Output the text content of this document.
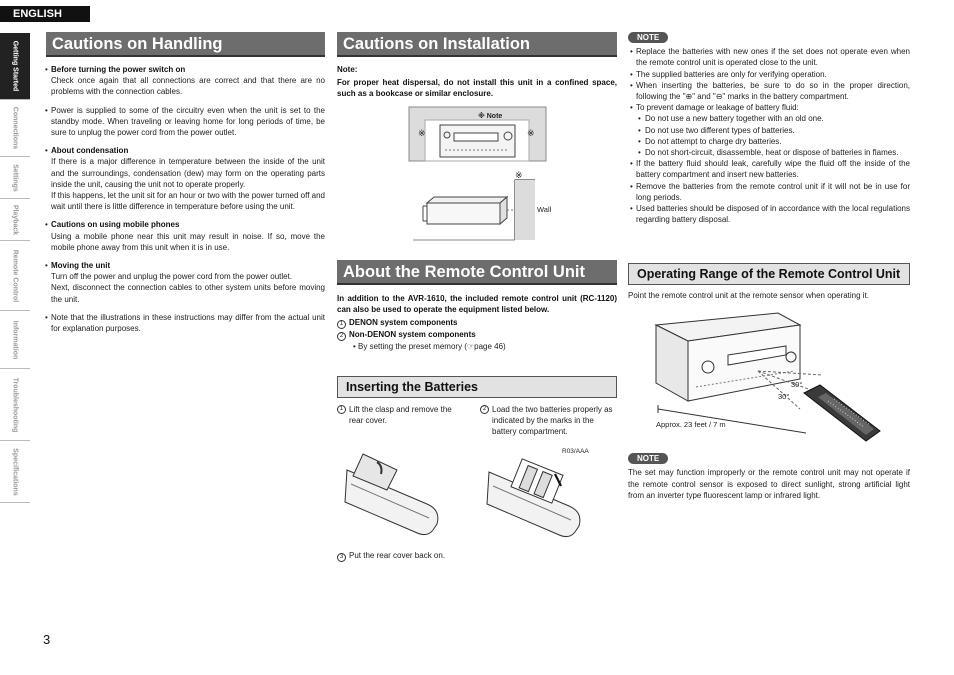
ENGLISH
Getting Started
Connections
Settings
Playback
Remote Control
Information
Troubleshooting
Specifications
3
Cautions on Handling
• Before turning the power switch on

Check once again that all connections are correct and that there are no problems with the connection cables.

• Power is supplied to some of the circuitry even when the unit is set to the standby mode. When traveling or leaving home for long periods of time, be sure to unplug the power cord from the power outlet.

• About condensation

If there is a major difference in temperature between the inside of the unit and the surroundings, condensation (dew) may form on the operating parts inside the unit, causing the unit not to operate properly.

If this happens, let the unit sit for an hour or two with the power turned off and wait until there is little difference in temperature before using the unit.

• Cautions on using mobile phones

Using a mobile phone near this unit may result in noise. If so, move the mobile phone away from this unit when it is in use.

• Moving the unit

Turn off the power and unplug the power cord from the power outlet.

Next, disconnect the connection cables to other system units before moving the unit.

• Note that the illustrations in these instructions may differ from the actual unit for explanation purposes.

Cautions on Installation
Note:
For proper heat dispersal, do not install this unit in a confined space, such as a bookcase or similar enclosure.
※ Note
※	※
※
Wall
About the Remote Control Unit
In addition to the AVR-1610, the included remote control unit (RC-1120) can also be used to operate the equipment listed below.
1 DENON system components
2 Non-DENON system components
• By setting the preset memory (☞page 46)
Inserting the Batteries
1 Lift the clasp and remove the rear cover.
2 Load the two batteries properly as indicated by the marks in the battery compartment.
R03/AAA
3 Put the rear cover back on.
NOTE
• Replace the batteries with new ones if the set does not operate even when the remote control unit is operated close to the unit.
• The supplied batteries are only for verifying operation.
• When inserting the batteries, be sure to do so in the proper direction, following the "⊕" and "⊖" marks in the battery compartment.
• To prevent damage or leakage of battery fluid:
• Do not use a new battery together with an old one.
• Do not use two different types of batteries.
• Do not attempt to charge dry batteries.
• Do not short-circuit, disassemble, heat or dispose of batteries in flames.
• If the battery fluid should leak, carefully wipe the fluid off the inside of the battery compartment and insert new batteries.
• Remove the batteries from the remote control unit if it will not be in use for long periods.
• Used batteries should be disposed of in accordance with the local regulations regarding battery disposal.
Operating Range of the Remote Control Unit
Point the remote control unit at the remote sensor when operating it.
30°
30°
Approx. 23 feet / 7 m
NOTE
The set may function improperly or the remote control unit may not operate if the remote control sensor is exposed to direct sunlight, strong artificial light from an inverter type fluorescent lamp or infrared light.
